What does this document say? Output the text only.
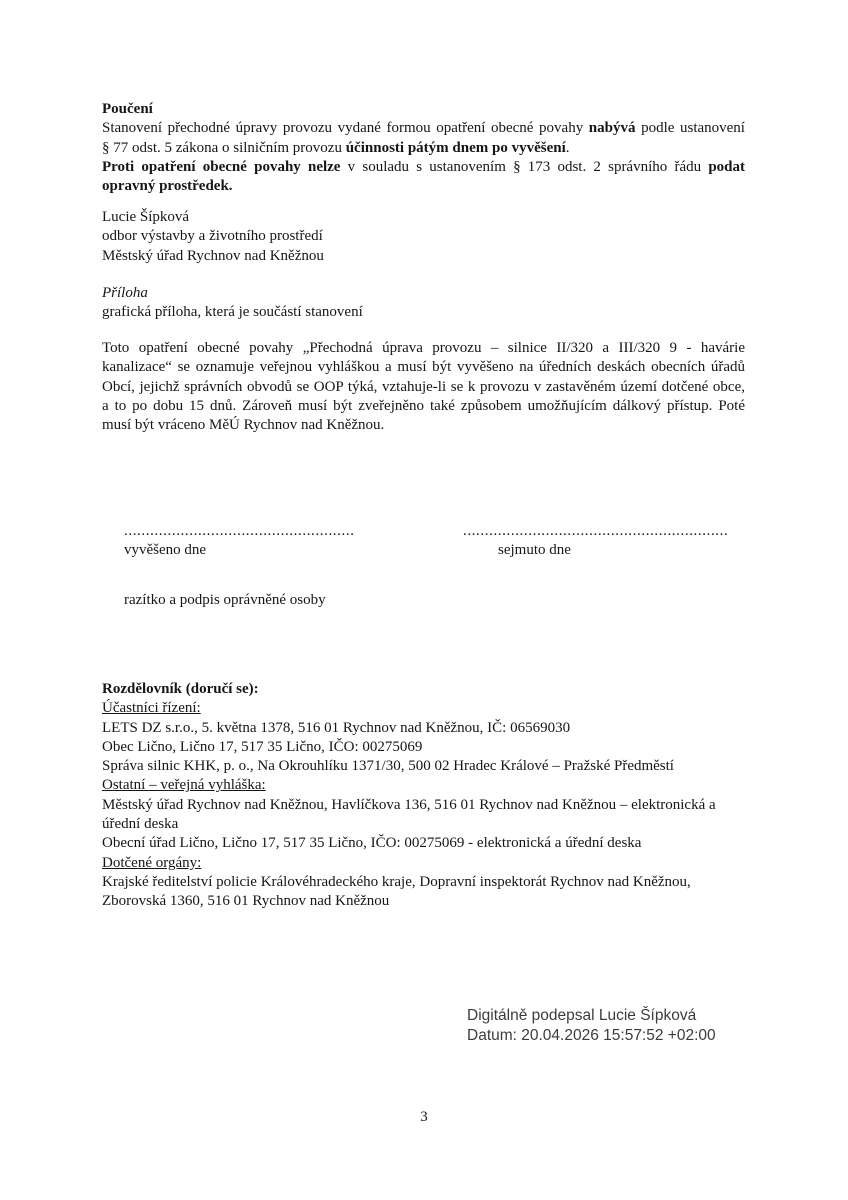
Poučení
Stanovení přechodné úpravy provozu vydané formou opatření obecné povahy nabývá podle ustanovení
§ 77 odst. 5 zákona o silničním provozu účinnosti pátým dnem po vyvěšení.
Proti opatření obecné povahy nelze v souladu s ustanovením § 173 odst. 2 správního řádu podat
opravný prostředek.
Lucie Šípková
odbor výstavby a životního prostředí
Městský úřad Rychnov nad Kněžnou
Příloha
grafická příloha, která je součástí stanovení
Toto opatření obecné povahy „Přechodná úprava provozu – silnice II/320 a III/320 9 - havárie
kanalizace“ se oznamuje veřejnou vyhláškou a musí být vyvěšeno na úředních deskách obecních úřadů
Obcí, jejichž správních obvodů se OOP týká, vztahuje-li se k provozu v zastavěném území dotčené obce,
a to po dobu 15 dnů. Zároveň musí být zveřejněno také způsobem umožňujícím dálkový přístup. Poté
musí být vráceno MěÚ Rychnov nad Kněžnou.
.....................................................
vyvěšeno dne
.............................................................
sejmuto dne
razítko a podpis oprávněné osoby
Rozdělovník (doručí se):
Účastníci řízení:
LETS DZ s.r.o., 5. května 1378, 516 01 Rychnov nad Kněžnou, IČ: 06569030
Obec Lično, Lično 17, 517 35 Lično, IČO: 00275069
Správa silnic KHK, p. o., Na Okrouhlíku 1371/30, 500 02 Hradec Králové – Pražské Předměstí
Ostatní – veřejná vyhláška:
Městský úřad Rychnov nad Kněžnou, Havlíčkova 136, 516 01 Rychnov nad Kněžnou – elektronická a
úřední deska
Obecní úřad Lično, Lično 17, 517 35 Lično, IČO: 00275069 - elektronická a úřední deska
Dotčené orgány:
Krajské ředitelství policie Královéhradeckého kraje, Dopravní inspektorát Rychnov nad Kněžnou,
Zborovská 1360, 516 01 Rychnov nad Kněžnou
Digitálně podepsal Lucie Šípková
Datum: 20.04.2026 15:57:52 +02:00
3
